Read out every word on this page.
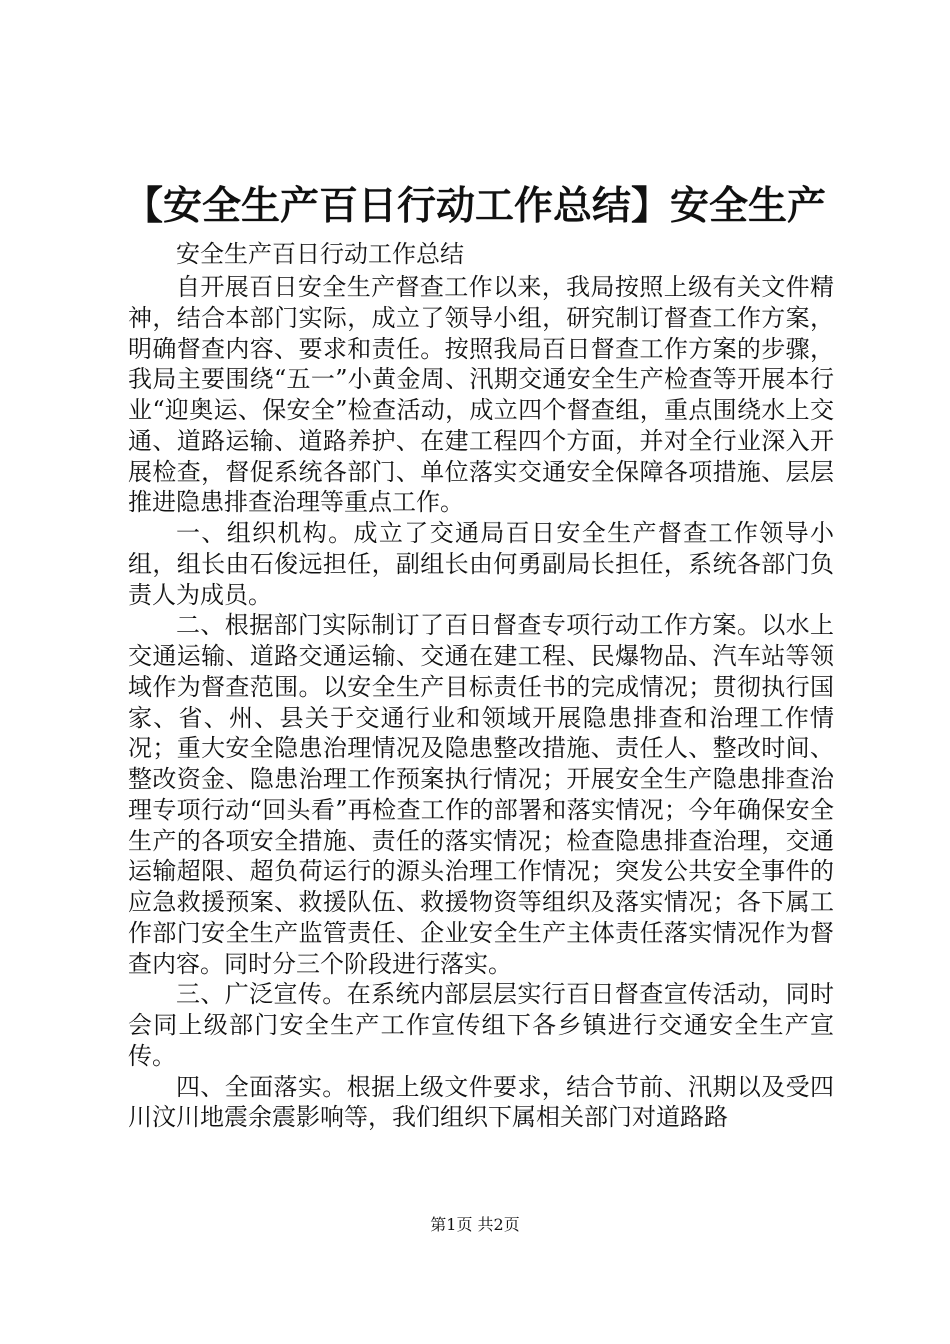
【安全生产百日行动工作总结】安全生产
安全生产百日行动工作总结

自开展百日安全生产督查工作以来，我局按照上级有关文件精神，结合本部门实际，成立了领导小组，研究制订督查工作方案，明确督查内容、要求和责任。按照我局百日督查工作方案的步骤，我局主要围绕“五一”小黄金周、汛期交通安全生产检查等开展本行业“迎奥运、保安全”检查活动，成立四个督查组，重点围绕水上交通、道路运输、道路养护、在建工程四个方面，并对全行业深入开展检查，督促系统各部门、单位落实交通安全保障各项措施、层层推进隐患排查治理等重点工作。

一、组织机构。成立了交通局百日安全生产督查工作领导小组，组长由石俊远担任，副组长由何勇副局长担任，系统各部门负责人为成员。

二、根据部门实际制订了百日督查专项行动工作方案。以水上交通运输、道路交通运输、交通在建工程、民爆物品、汽车站等领域作为督查范围。以安全生产目标责任书的完成情况；贯彻执行国家、省、州、县关于交通行业和领域开展隐患排查和治理工作情况；重大安全隐患治理情况及隐患整改措施、责任人、整改时间、整改资金、隐患治理工作预案执行情况；开展安全生产隐患排查治理专项行动“回头看”再检查工作的部署和落实情况；今年确保安全生产的各项安全措施、责任的落实情况；检查隐患排查治理，交通运输超限、超负荷运行的源头治理工作情况；突发公共安全事件的应急救援预案、救援队伍、救援物资等组织及落实情况；各下属工作部门安全生产监管责任、企业安全生产主体责任落实情况作为督查内容。同时分三个阶段进行落实。

三、广泛宣传。在系统内部层层实行百日督查宣传活动，同时会同上级部门安全生产工作宣传组下各乡镇进行交通安全生产宣传。

四、全面落实。根据上级文件要求，结合节前、汛期以及受四川汶川地震余震影响等，我们组织下属相关部门对道路路

第1页 共2页
